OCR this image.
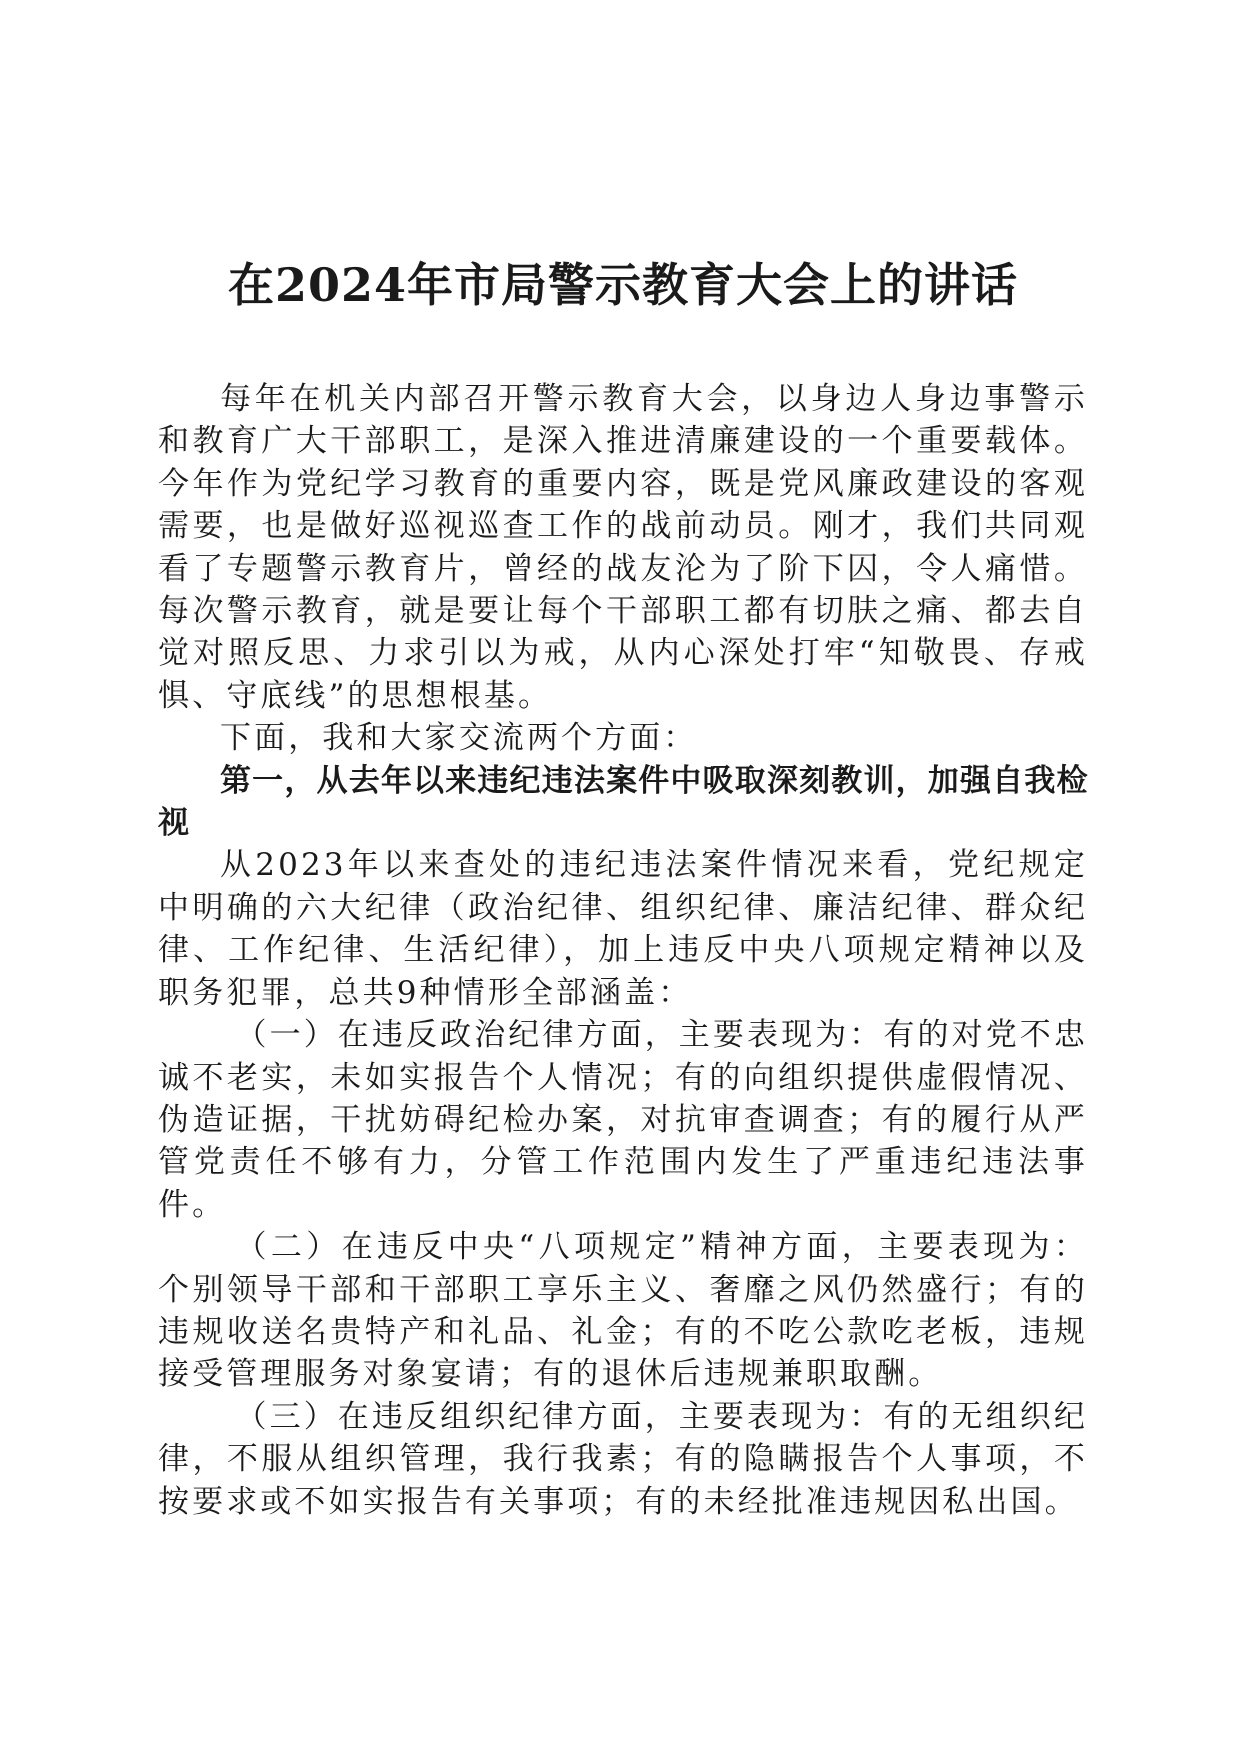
在2024年市局警示教育大会上的讲话

每年在机关内部召开警示教育大会，以身边人身边事警示和教育广大干部职工，是深入推进清廉建设的一个重要载体。今年作为党纪学习教育的重要内容，既是党风廉政建设的客观需要，也是做好巡视巡查工作的战前动员。刚才，我们共同观看了专题警示教育片，曾经的战友沦为了阶下囚，令人痛惜。每次警示教育，就是要让每个干部职工都有切肤之痛、都去自觉对照反思、力求引以为戒，从内心深处打牢“知敬畏、存戒惧、守底线”的思想根基。

下面，我和大家交流两个方面：

第一，从去年以来违纪违法案件中吸取深刻教训，加强自我检视

从2023年以来查处的违纪违法案件情况来看，党纪规定中明确的六大纪律（政治纪律、组织纪律、廉洁纪律、群众纪律、工作纪律、生活纪律），加上违反中央八项规定精神以及职务犯罪，总共9种情形全部涵盖：

（一）在违反政治纪律方面，主要表现为：有的对党不忠诚不老实，未如实报告个人情况；有的向组织提供虚假情况、伪造证据，干扰妨碍纪检办案，对抗审查调查；有的履行从严管党责任不够有力，分管工作范围内发生了严重违纪违法事件。

（二）在违反中央“八项规定”精神方面，主要表现为：个别领导干部和干部职工享乐主义、奢靡之风仍然盛行；有的违规收送名贵特产和礼品、礼金；有的不吃公款吃老板，违规接受管理服务对象宴请；有的退休后违规兼职取酬。

（三）在违反组织纪律方面，主要表现为：有的无组织纪律，不服从组织管理，我行我素；有的隐瞒报告个人事项，不按要求或不如实报告有关事项；有的未经批准违规因私出国。
